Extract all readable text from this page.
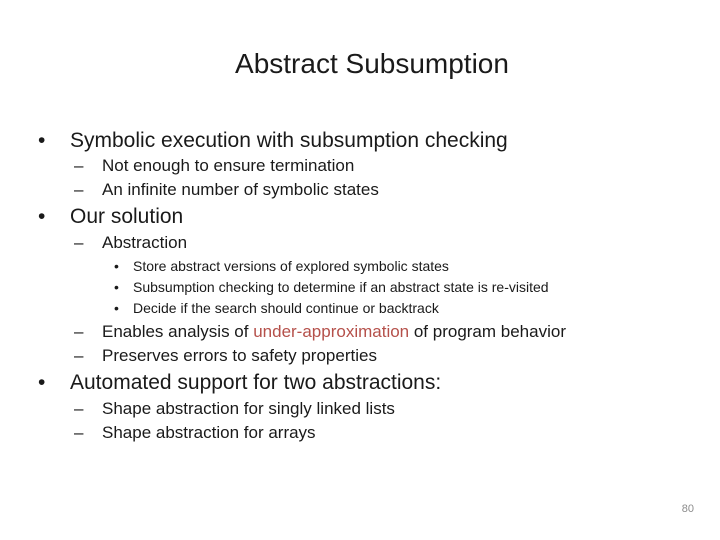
Abstract Subsumption
• Symbolic execution with subsumption checking
– Not enough to ensure termination
– An infinite number of symbolic states
• Our solution
– Abstraction
• Store abstract versions of explored symbolic states
• Subsumption checking to determine if an abstract state is re-visited
• Decide if the search should continue or backtrack
– Enables analysis of under-approximation of program behavior
– Preserves errors to safety properties
• Automated support for two abstractions:
– Shape abstraction for singly linked lists
– Shape abstraction for arrays
80
